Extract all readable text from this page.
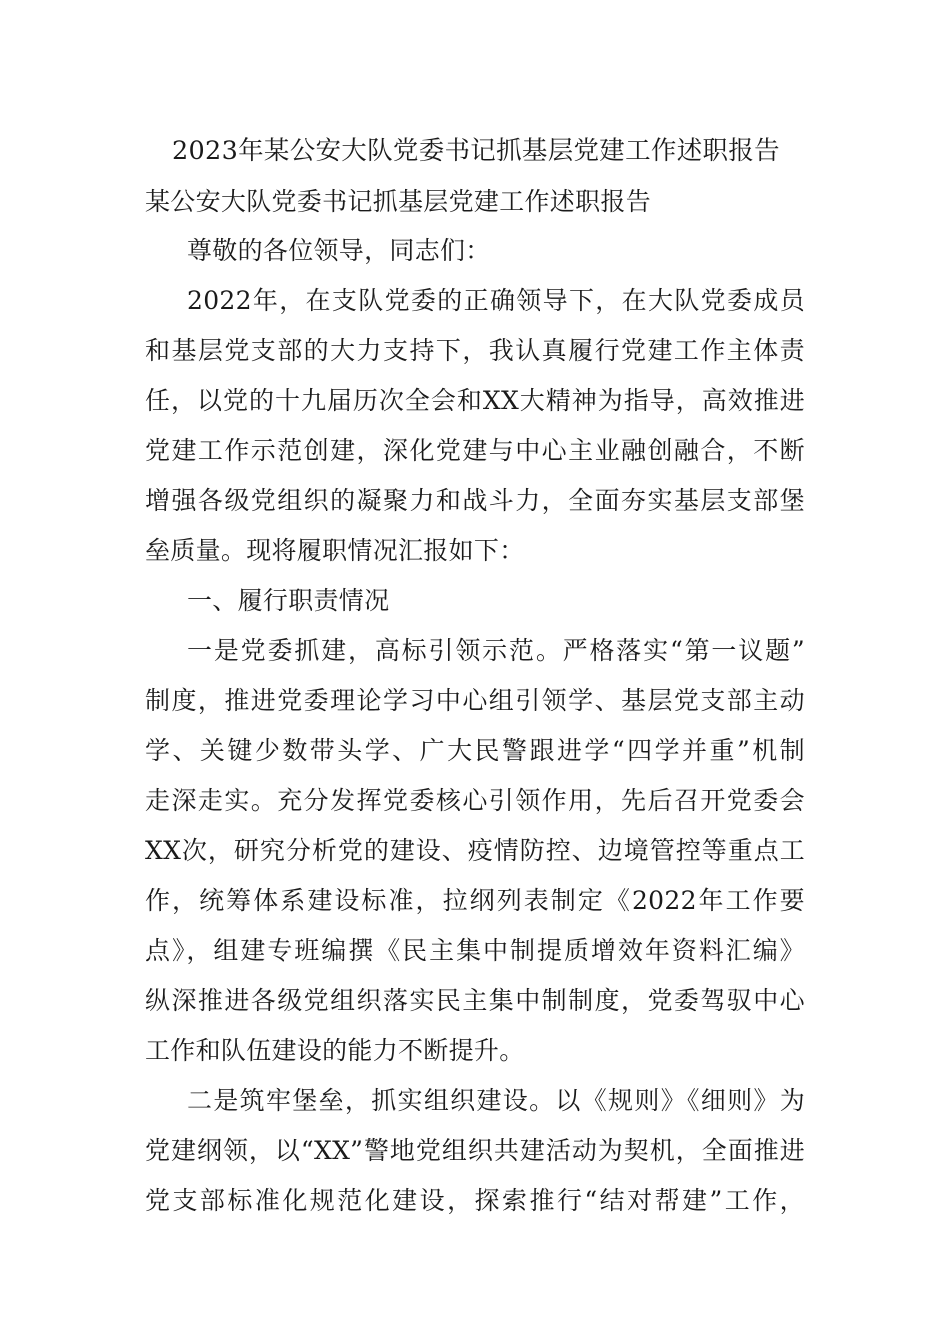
2023年某公安大队党委书记抓基层党建工作述职报告
某公安大队党委书记抓基层党建工作述职报告
尊敬的各位领导，同志们：
2022年，在支队党委的正确领导下，在大队党委成员
和基层党支部的大力支持下，我认真履行党建工作主体责
任，以党的十九届历次全会和XX大精神为指导，高效推进
党建工作示范创建，深化党建与中心主业融创融合，不断
增强各级党组织的凝聚力和战斗力，全面夯实基层支部堡
垒质量。现将履职情况汇报如下：
一、履行职责情况
一是党委抓建，高标引领示范。严格落实“第一议题”
制度，推进党委理论学习中心组引领学、基层党支部主动
学、关键少数带头学、广大民警跟进学“四学并重”机制
走深走实。充分发挥党委核心引领作用，先后召开党委会
XX次，研究分析党的建设、疫情防控、边境管控等重点工
作，统筹体系建设标准，拉纲列表制定《2022年工作要
点》，组建专班编撰《民主集中制提质增效年资料汇编》
纵深推进各级党组织落实民主集中制制度，党委驾驭中心
工作和队伍建设的能力不断提升。
二是筑牢堡垒，抓实组织建设。以《规则》《细则》为
党建纲领，以“XX”警地党组织共建活动为契机，全面推进
党支部标准化规范化建设，探索推行“结对帮建”工作，
